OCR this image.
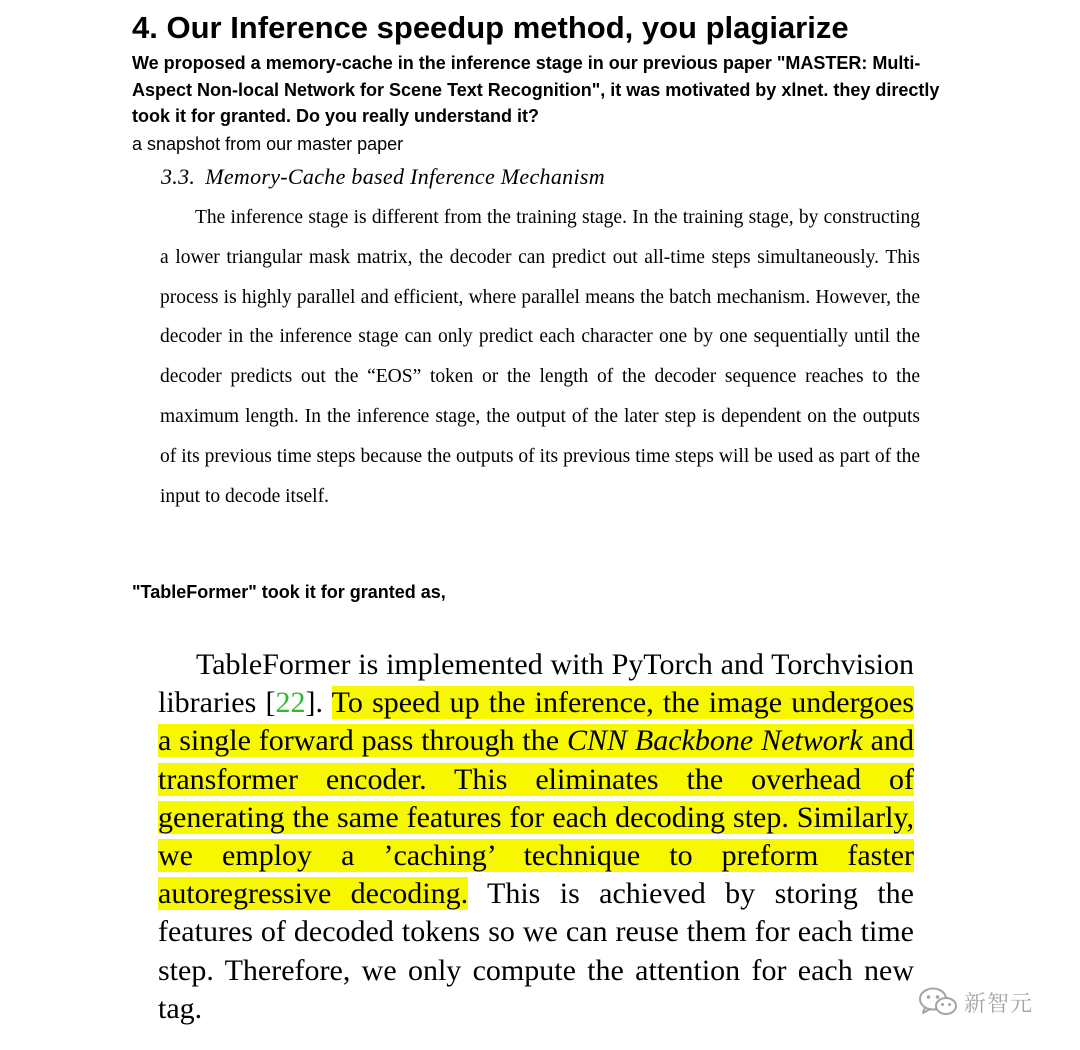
4. Our Inference speedup method, you plagiarize

We proposed a memory-cache in the inference stage in our previous paper "MASTER: Multi-Aspect Non-local Network for Scene Text Recognition", it was motivated by xlnet. they directly took it for granted. Do you really understand it?

a snapshot from our master paper

3.3. Memory-Cache based Inference Mechanism

The inference stage is different from the training stage. In the training stage, by constructing a lower triangular mask matrix, the decoder can predict out all-time steps simultaneously. This process is highly parallel and efficient, where parallel means the batch mechanism. However, the decoder in the inference stage can only predict each character one by one sequentially until the decoder predicts out the “EOS” token or the length of the decoder sequence reaches to the maximum length. In the inference stage, the output of the later step is dependent on the outputs of its previous time steps because the outputs of its previous time steps will be used as part of the input to decode itself.

"TableFormer" took it for granted as,

TableFormer is implemented with PyTorch and Torchvision libraries [22]. To speed up the inference, the image undergoes a single forward pass through the CNN Backbone Network and transformer encoder. This eliminates the overhead of generating the same features for each decoding step. Similarly, we employ a ’caching’ technique to preform faster autoregressive decoding. This is achieved by storing the features of decoded tokens so we can reuse them for each time step. Therefore, we only compute the attention for each new tag.	新智元
